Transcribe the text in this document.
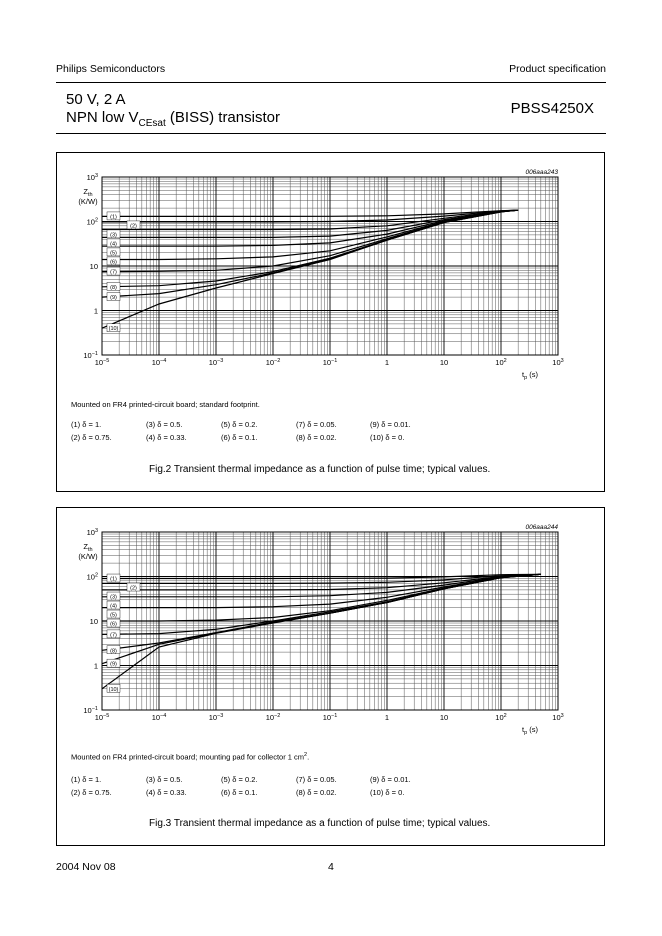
Philips Semiconductors	Product specification
50 V, 2 A
NPN low $V_{CEsat}$ (BISS) transistor
PBSS4250X
$10^{-5}$	$10^{-4}$	$10^{-3}$	$10^{-2}$	$10^{-1}$	1	10	$10^2$	$10^3$
$10^{-1}$
1
10
$10^2$
$10^3$
$Z_{th}$
(K/W)
$t_p$ (s)
006aaa243
(1)
(2)
(3)
(4)
(5)
(6)
(7)
(8)
(9)
(10)
Mounted on FR4 printed-circuit board; standard footprint.
(1) δ = 1.
(2) δ = 0.75.
(3) δ = 0.5.
(4) δ = 0.33.
(5) δ = 0.2.
(6) δ = 0.1.
(7) δ = 0.05.
(8) δ = 0.02.
(9) δ = 0.01.
(10) δ = 0.
Fig.2 Transient thermal impedance as a function of pulse time; typical values.
$10^{-5}$	$10^{-4}$	$10^{-3}$	$10^{-2}$	$10^{-1}$	1	10	$10^2$	$10^3$
$10^{-1}$
1
10
$10^2$
$10^3$
$Z_{th}$
(K/W)
$t_p$ (s)
006aaa244
(1)
(2)
(3)
(4)
(5)
(6)
(7)
(8)
(9)
(10)
Mounted on FR4 printed-circuit board; mounting pad for collector 1 $cm^2$.
(1) δ = 1.
(2) δ = 0.75.
(3) δ = 0.5.
(4) δ = 0.33.
(5) δ = 0.2.
(6) δ = 0.1.
(7) δ = 0.05.
(8) δ = 0.02.
(9) δ = 0.01.
(10) δ = 0.
Fig.3 Transient thermal impedance as a function of pulse time; typical values.
2004 Nov 08	4
